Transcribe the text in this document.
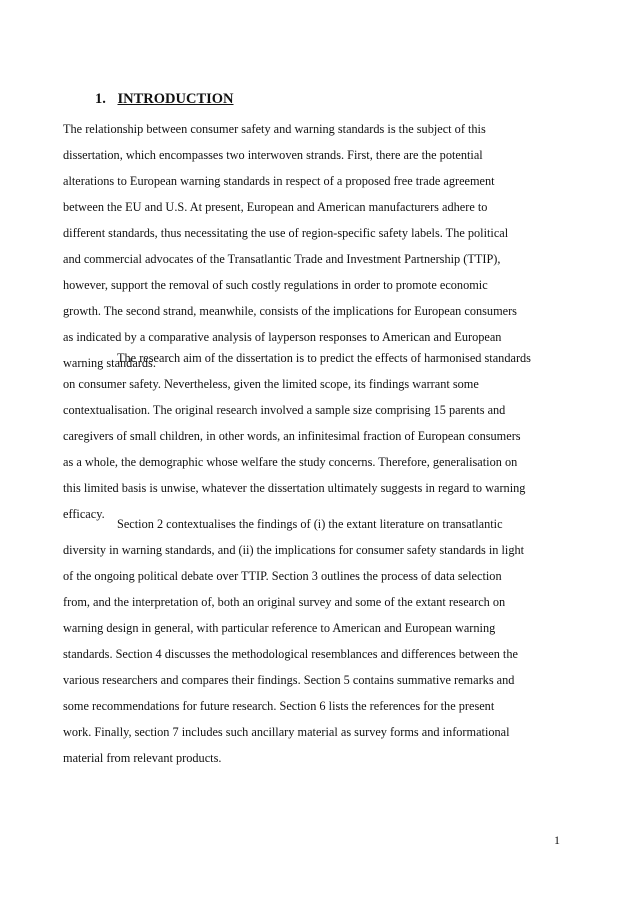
1. INTRODUCTION
The relationship between consumer safety and warning standards is the subject of this
dissertation, which encompasses two interwoven strands. First, there are the potential
alterations to European warning standards in respect of a proposed free trade agreement
between the EU and U.S. At present, European and American manufacturers adhere to
different standards, thus necessitating the use of region-specific safety labels. The political
and commercial advocates of the Transatlantic Trade and Investment Partnership (TTIP),
however, support the removal of such costly regulations in order to promote economic
growth. The second strand, meanwhile, consists of the implications for European consumers
as indicated by a comparative analysis of layperson responses to American and European
warning standards.
The research aim of the dissertation is to predict the effects of harmonised standards
on consumer safety. Nevertheless, given the limited scope, its findings warrant some
contextualisation. The original research involved a sample size comprising 15 parents and
caregivers of small children, in other words, an infinitesimal fraction of European consumers
as a whole, the demographic whose welfare the study concerns. Therefore, generalisation on
this limited basis is unwise, whatever the dissertation ultimately suggests in regard to warning
efficacy.
Section 2 contextualises the findings of (i) the extant literature on transatlantic
diversity in warning standards, and (ii) the implications for consumer safety standards in light
of the ongoing political debate over TTIP. Section 3 outlines the process of data selection
from, and the interpretation of, both an original survey and some of the extant research on
warning design in general, with particular reference to American and European warning
standards. Section 4 discusses the methodological resemblances and differences between the
various researchers and compares their findings. Section 5 contains summative remarks and
some recommendations for future research. Section 6 lists the references for the present
work. Finally, section 7 includes such ancillary material as survey forms and informational
material from relevant products.
1
